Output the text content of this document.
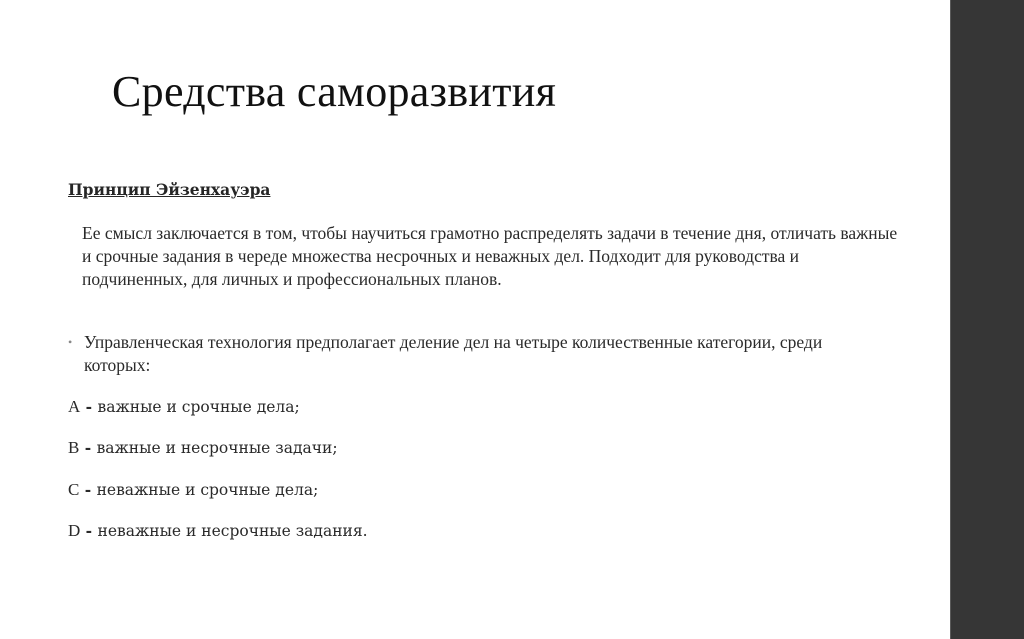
Средства саморазвития
Принцип Эйзенхауэра

Ее смысл заключается в том, чтобы научиться грамотно распределять задачи в течение дня, отличать важные и срочные задания в череде множества несрочных и неважных дел. Подходит для руководства и подчиненных, для личных и профессиональных планов.

• Управленческая технология предполагает деление дел на четыре количественные категории, среди которых:
A - важные и срочные дела;
B - важные и несрочные задачи;
C - неважные и срочные дела;
D - неважные и несрочные задания.
